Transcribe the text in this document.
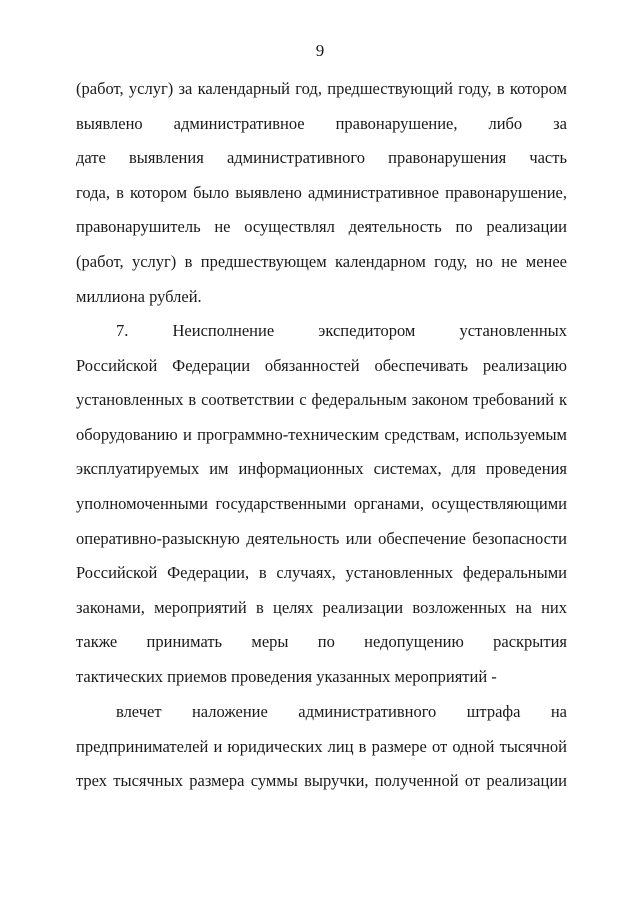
9
(работ, услуг) за календарный год, предшествующий году, в котором
выявлено административное правонарушение, либо за
дате выявления административного правонарушения часть
года, в котором было выявлено административное правонарушение,
правонарушитель не осуществлял деятельность по реализации
(работ, услуг) в предшествующем календарном году, но не менее
миллиона рублей.
7. Неисполнение экспедитором установленных
Российской Федерации обязанностей обеспечивать реализацию
установленных в соответствии с федеральным законом требований к
оборудованию и программно-техническим средствам, используемым
эксплуатируемых им информационных системах, для проведения
уполномоченными государственными органами, осуществляющими
оперативно-разыскную деятельность или обеспечение безопасности
Российской Федерации, в случаях, установленных федеральными
законами, мероприятий в целях реализации возложенных на них
также принимать меры по недопущению раскрытия
тактических приемов проведения указанных мероприятий -
влечет наложение административного штрафа на
предпринимателей и юридических лиц в размере от одной тысячной
трех тысячных размера суммы выручки, полученной от реализации
